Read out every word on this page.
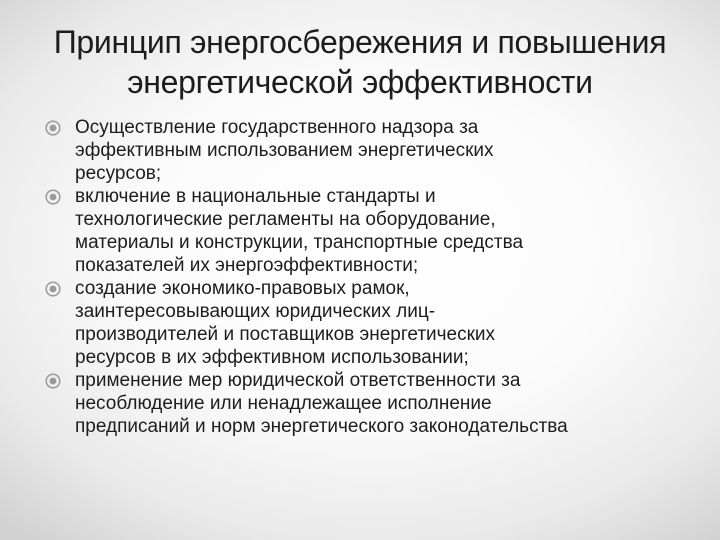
Принцип энергосбережения и повышения
энергетической эффективности
Осуществление государственного надзора за
эффективным использованием энергетических
ресурсов;
включение в национальные стандарты и
технологические регламенты на оборудование,
материалы и конструкции, транспортные средства
показателей их энергоэффективности;
создание экономико-правовых рамок,
заинтересовывающих юридических лиц-
производителей и поставщиков энергетических
ресурсов в их эффективном использовании;
применение мер юридической ответственности за
несоблюдение или ненадлежащее исполнение
предписаний и норм энергетического законодательства
